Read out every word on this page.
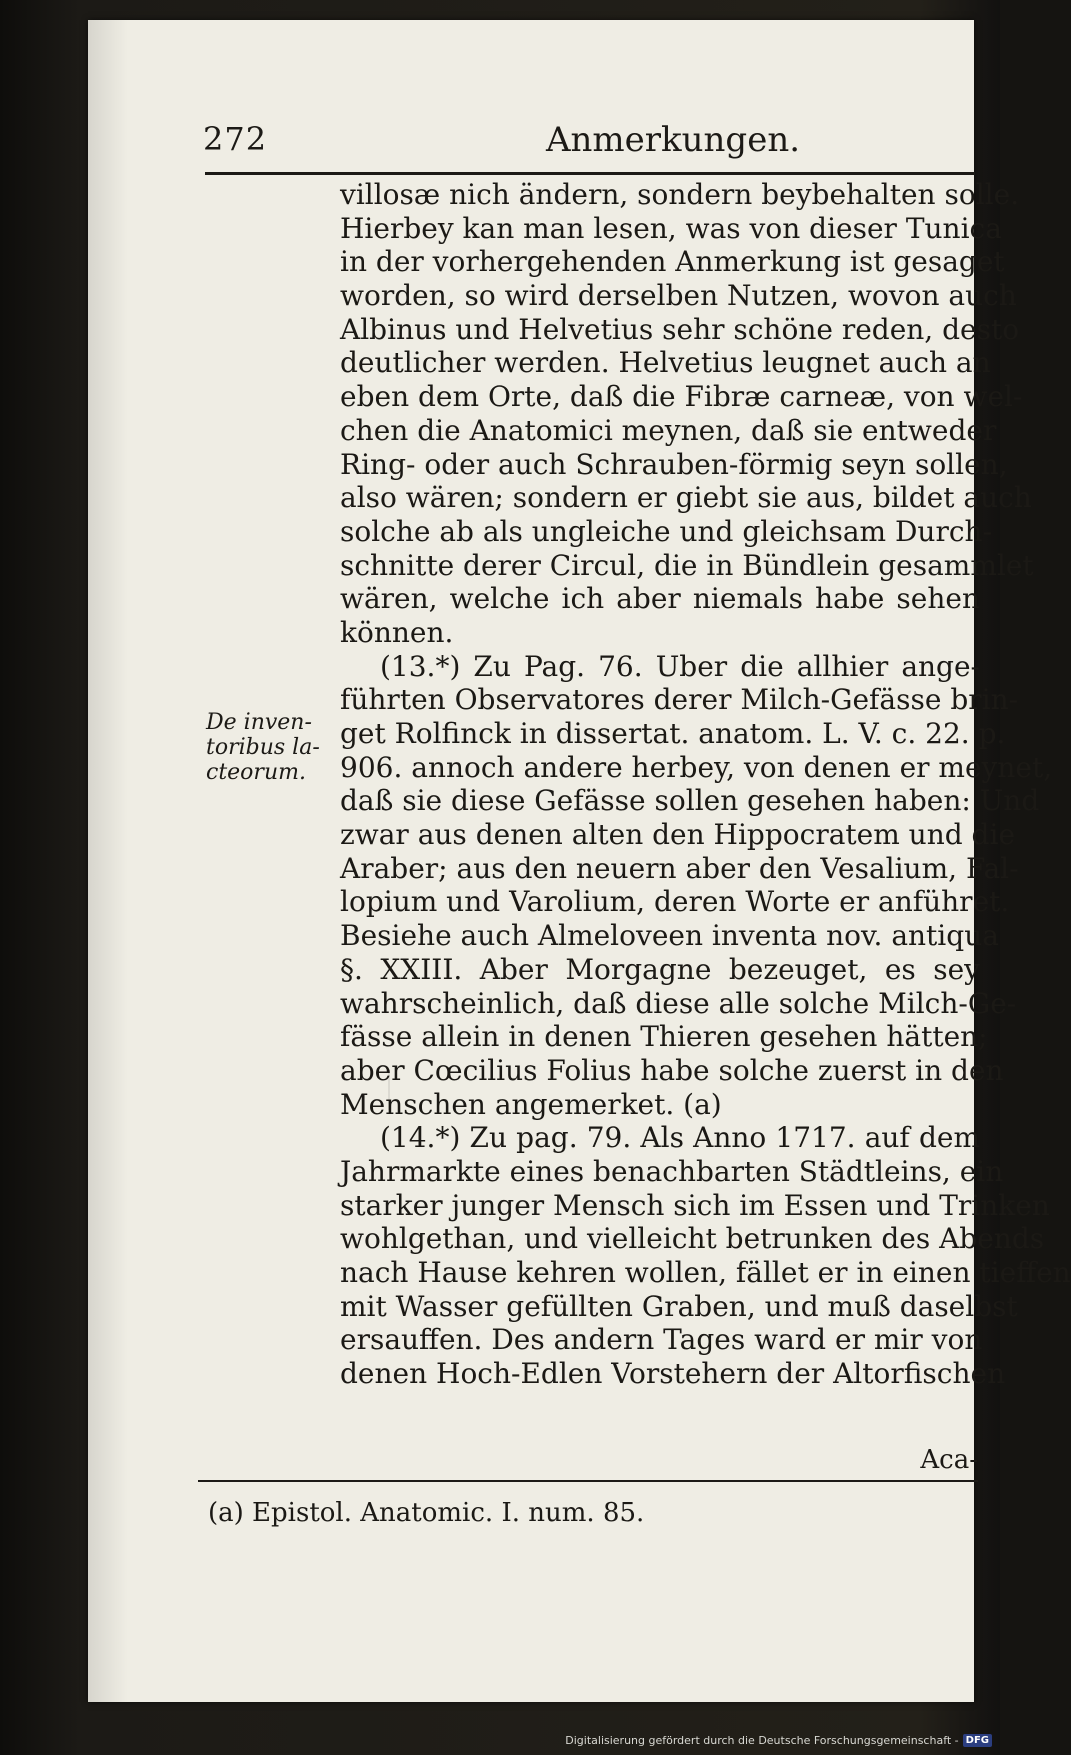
272	Anmerkungen.
De inven-
toribus la-
cteorum.
villosæ nich ändern, sondern beybehalten solle.
Hierbey kan man lesen, was von dieser Tunica
in der vorhergehenden Anmerkung ist gesaget
worden, so wird derselben Nutzen, wovon auch
Albinus und Helvetius sehr schöne reden, desto
deutlicher werden. Helvetius leugnet auch an
eben dem Orte, daß die Fibræ carneæ, von wel-
chen die Anatomici meynen, daß sie entweder
Ring- oder auch Schrauben-förmig seyn sollen,
also wären; sondern er giebt sie aus, bildet auch
solche ab als ungleiche und gleichsam Durch-
schnitte derer Circul, die in Bündlein gesammlet
wären, welche ich aber niemals habe sehen
können.
(13.*) Zu Pag. 76. Uber die allhier ange-
führten Observatores derer Milch-Gefässe brin-
get Rolfinck in dissertat. anatom. L. V. c. 22. p.
906. annoch andere herbey, von denen er meynet,
daß sie diese Gefässe sollen gesehen haben: Und
zwar aus denen alten den Hippocratem und die
Araber; aus den neuern aber den Vesalium, Fal-
lopium und Varolium, deren Worte er anführet.
Besiehe auch Almeloveen inventa nov. antiqua
§. XXIII. Aber Morgagne bezeuget, es sey
wahrscheinlich, daß diese alle solche Milch-Ge-
fässe allein in denen Thieren gesehen hätten;
aber Cœcilius Folius habe solche zuerst in den
Menschen angemerket. (a)
(14.*) Zu pag. 79. Als Anno 1717. auf dem
Jahrmarkte eines benachbarten Städtleins, ein
starker junger Mensch sich im Essen und Trinken
wohlgethan, und vielleicht betrunken des Abends
nach Hause kehren wollen, fället er in einen tieffen
mit Wasser gefüllten Graben, und muß daselbst
ersauffen. Des andern Tages ward er mir von
denen Hoch-Edlen Vorstehern der Altorfischen
Aca-
(a) Epistol. Anatomic. I. num. 85.
Digitalisierung gefördert durch die Deutsche Forschungsgemeinschaft - DFG
